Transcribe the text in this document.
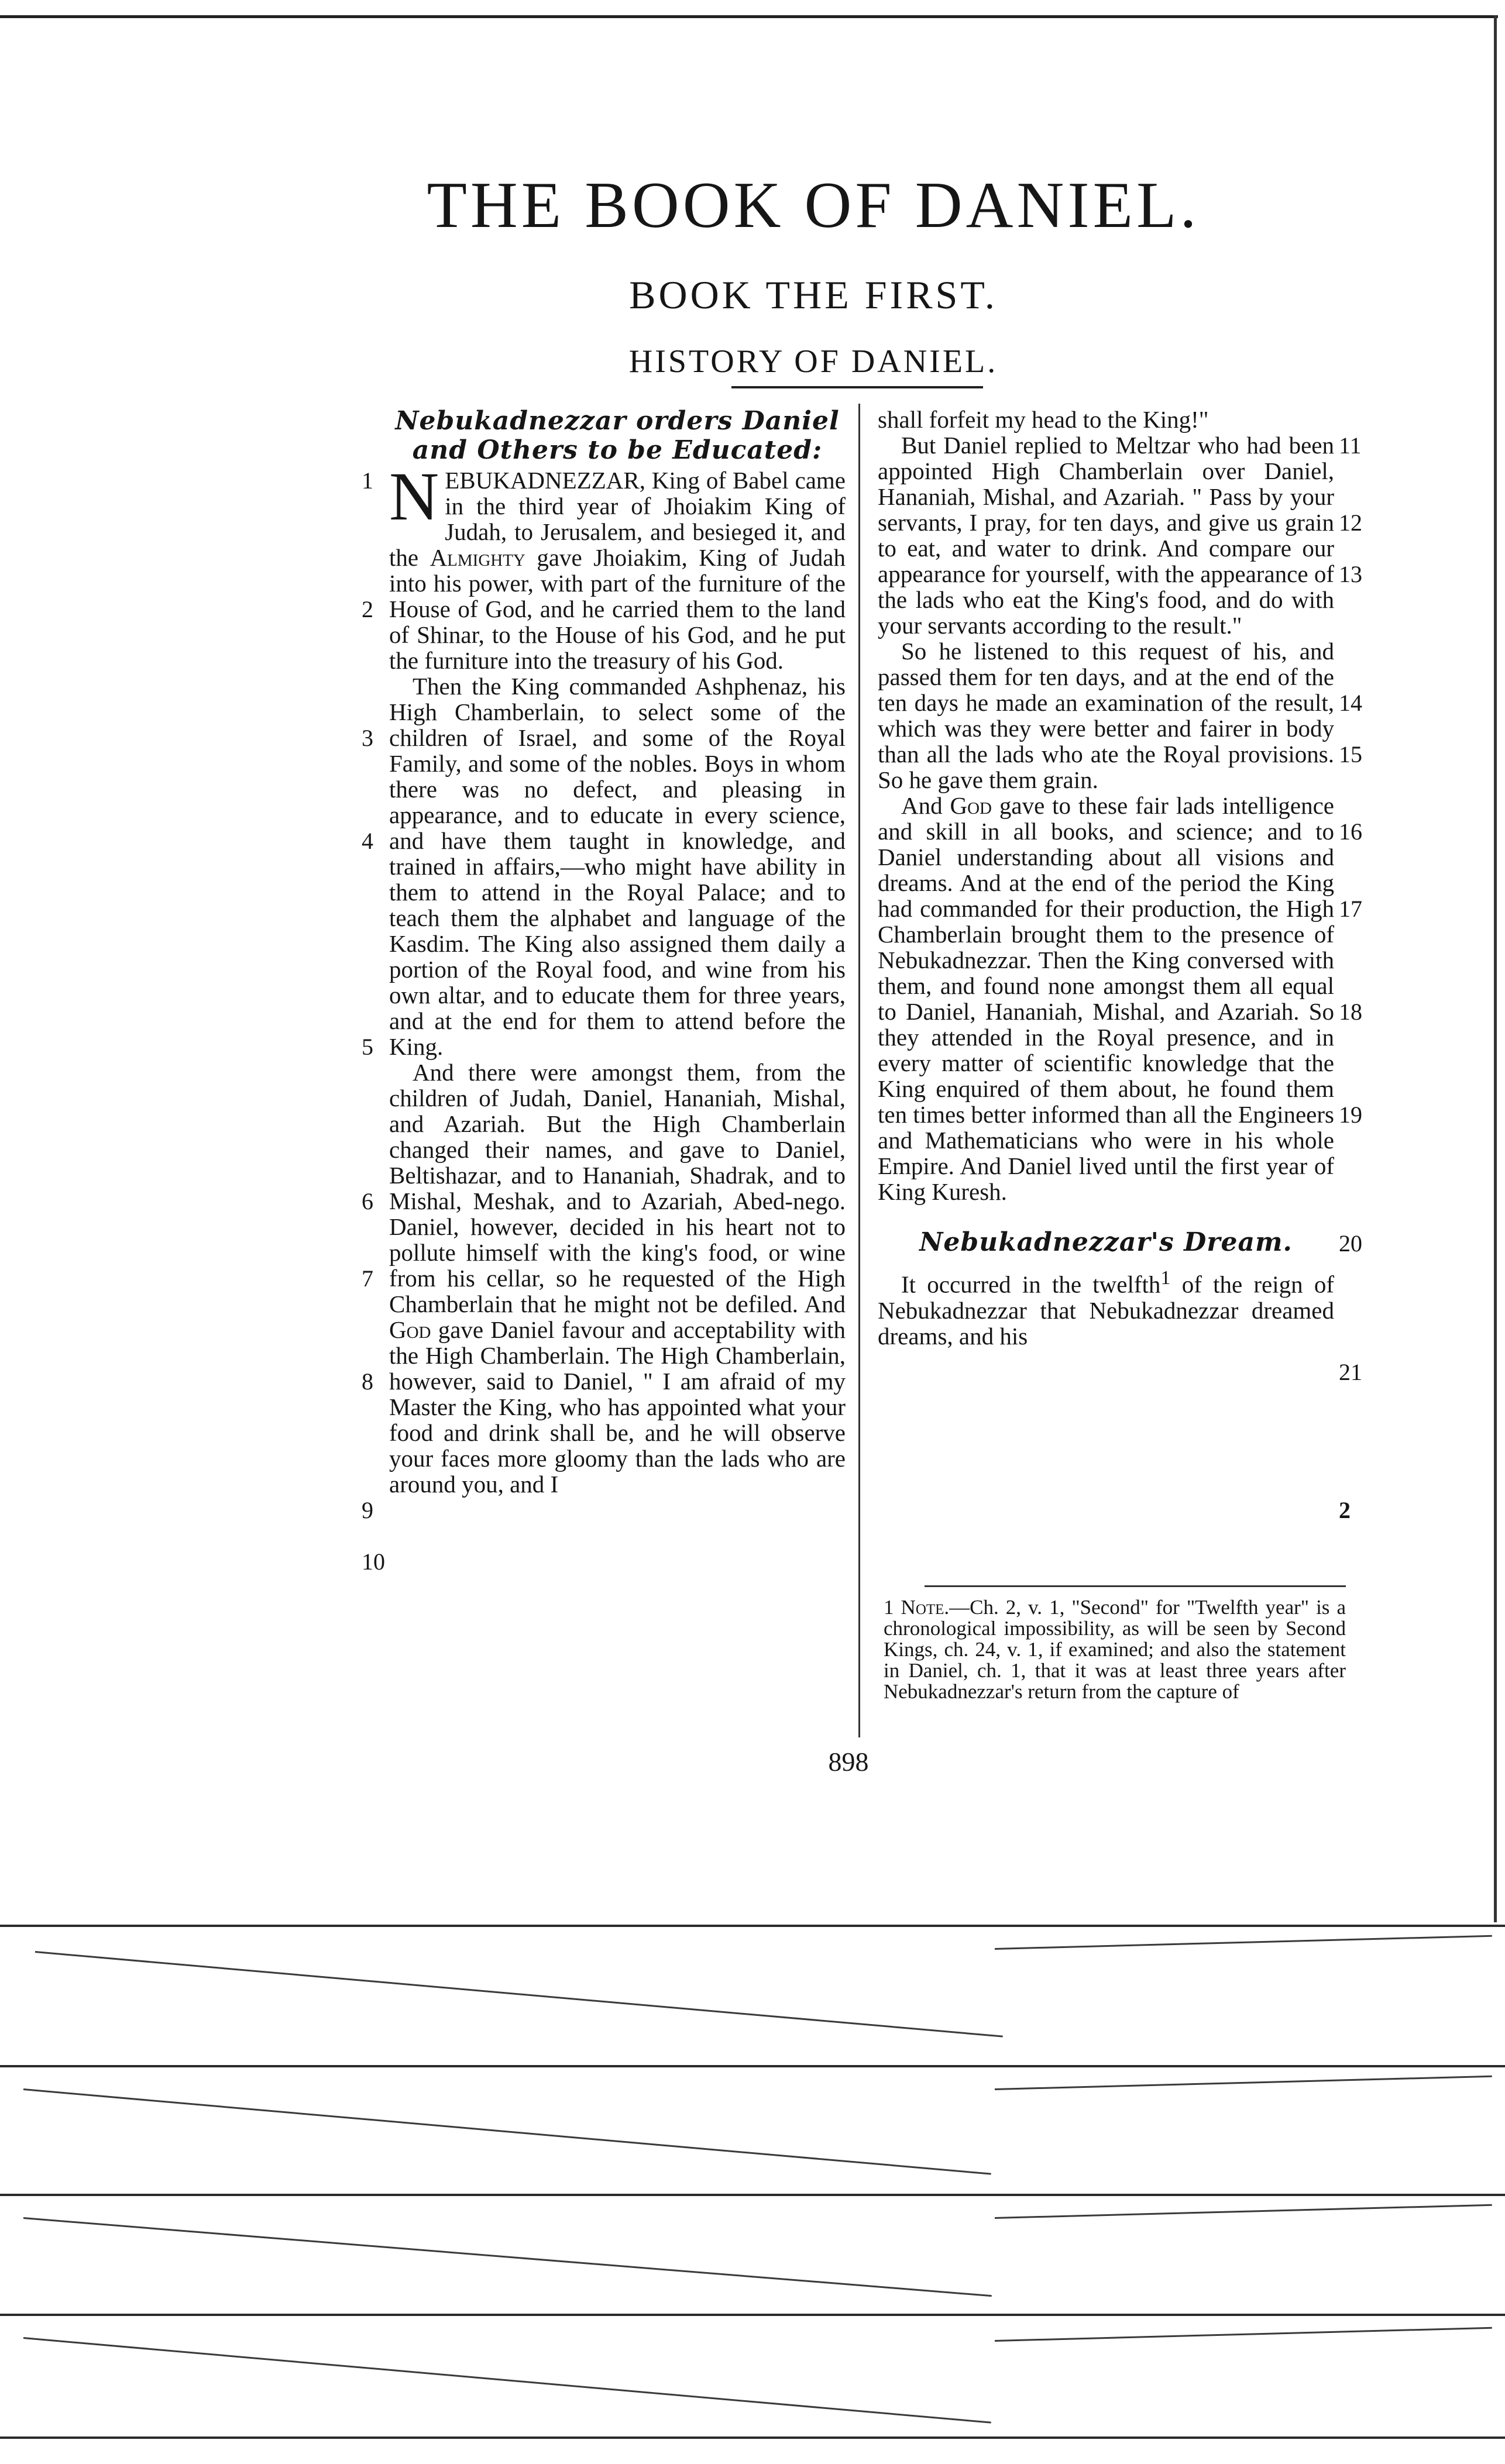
THE BOOK OF DANIEL.
BOOK THE FIRST.
HISTORY OF DANIEL.
Nebukadnezzar orders Daniel and Others to be Educated:

NEBUKADNEZZAR, King of Babel came in the third year of Jhoiakim King of Judah, to Jerusalem, and besieged it, and the Almighty gave Jhoiakim, King of Judah into his power, with part of the furniture of the House of God, and he carried them to the land of Shinar, to the House of his God, and he put the furniture into the treasury of his God.

Then the King commanded Ashphenaz, his High Chamberlain, to select some of the children of Israel, and some of the Royal Family, and some of the nobles. Boys in whom there was no defect, and pleasing in appearance, and to educate in every science, and have them taught in knowledge, and trained in affairs,—who might have ability in them to attend in the Royal Palace; and to teach them the alphabet and language of the Kasdim. The King also assigned them daily a portion of the Royal food, and wine from his own altar, and to educate them for three years, and at the end for them to attend before the King.

And there were amongst them, from the children of Judah, Daniel, Hananiah, Mishal, and Azariah. But the High Chamberlain changed their names, and gave to Daniel, Beltishazar, and to Hananiah, Shadrak, and to Mishal, Meshak, and to Azariah, Abed-nego. Daniel, however, decided in his heart not to pollute himself with the king's food, or wine from his cellar, so he requested of the High Chamberlain that he might not be defiled. And God gave Daniel favour and acceptability with the High Chamberlain. The High Chamberlain, however, said to Daniel, " I am afraid of my Master the King, who has appointed what your food and drink shall be, and he will observe your faces more gloomy than the lads who are around you, and I

1
2
3
4
5
6
7
8
9
10

shall forfeit my head to the King!"

But Daniel replied to Meltzar who had been appointed High Chamberlain over Daniel, Hananiah, Mishal, and Azariah. " Pass by your servants, I pray, for ten days, and give us grain to eat, and water to drink. And compare our appearance for yourself, with the appearance of the lads who eat the King's food, and do with your servants according to the result."

So he listened to this request of his, and passed them for ten days, and at the end of the ten days he made an examination of the result, which was they were better and fairer in body than all the lads who ate the Royal provisions. So he gave them grain.

And God gave to these fair lads intelligence and skill in all books, and science; and to Daniel understanding about all visions and dreams. And at the end of the period the King had commanded for their production, the High Chamberlain brought them to the presence of Nebukadnezzar. Then the King conversed with them, and found none amongst them all equal to Daniel, Hananiah, Mishal, and Azariah. So they attended in the Royal presence, and in every matter of scientific knowledge that the King enquired of them about, he found them ten times better informed than all the Engineers and Mathematicians who were in his whole Empire. And Daniel lived until the first year of King Kuresh.

Nebukadnezzar's Dream.

It occurred in the twelfth$^1$ of the reign of Nebukadnezzar that Nebukadnezzar dreamed dreams, and his

11
12
13
14
15
16
17
18
19
20
21
2
1 Note.—Ch. 2, v. 1, "Second" for "Twelfth year" is a chronological impossibility, as will be seen by Second Kings, ch. 24, v. 1, if examined; and also the statement in Daniel, ch. 1, that it was at least three years after Nebukadnezzar's return from the capture of
898
